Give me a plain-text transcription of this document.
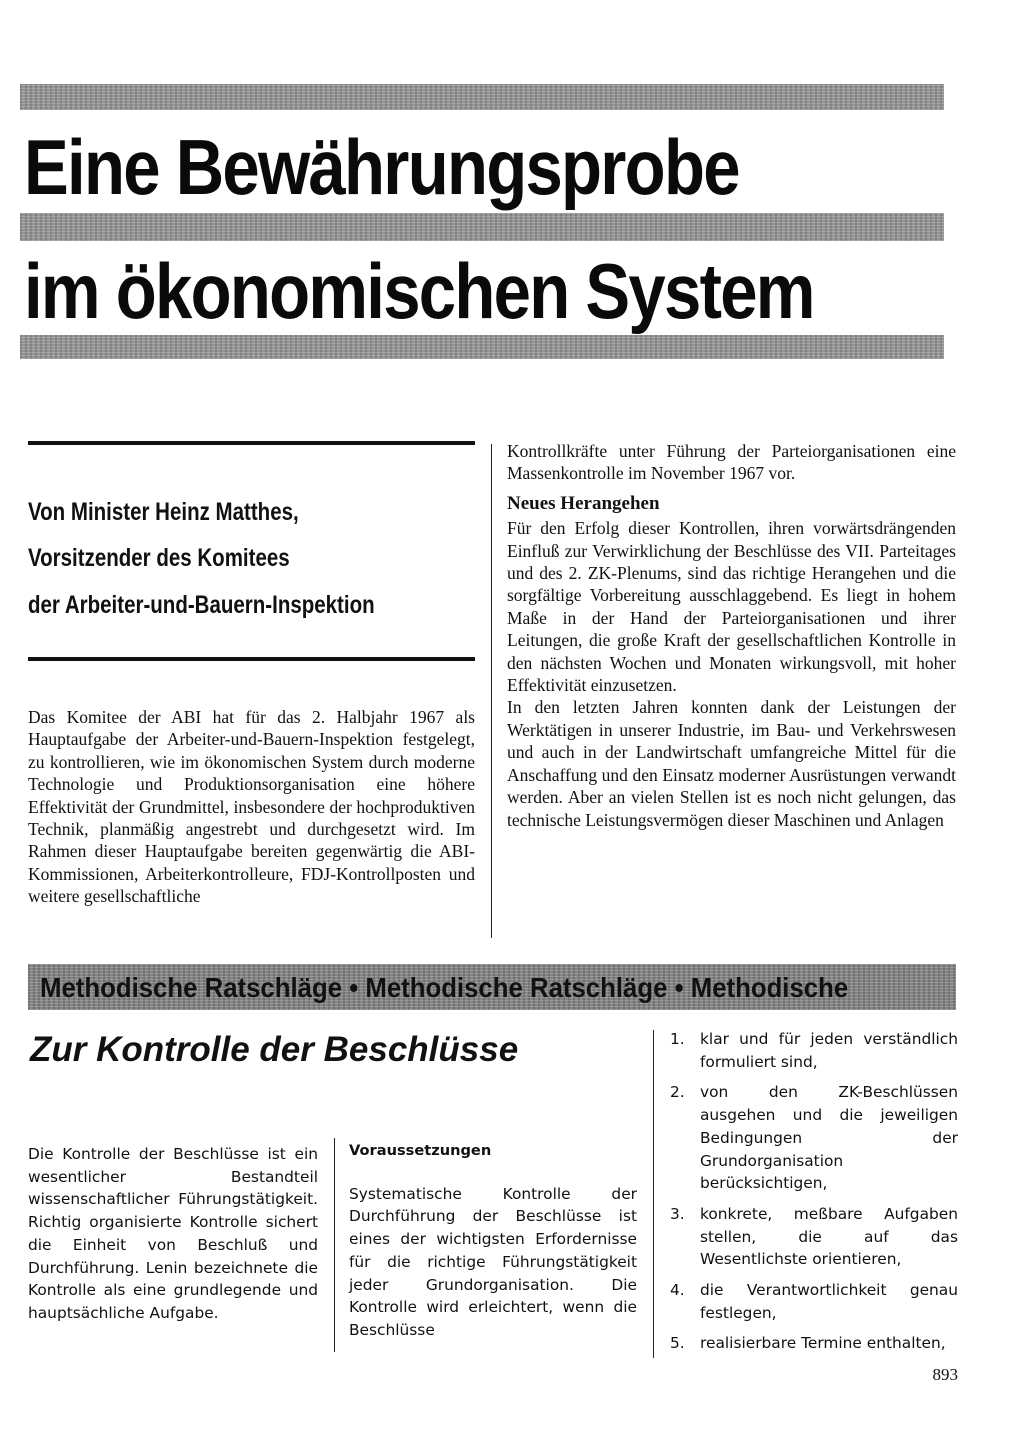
Eine Bewährungsprobe
im ökonomischen System
Von Minister Heinz Matthes,
Vorsitzender des Komitees
der Arbeiter-und-Bauern-Inspektion
Das Komitee der ABI hat für das 2. Halbjahr 1967 als Hauptaufgabe der Arbeiter-und-Bauern-Inspektion festgelegt, zu kontrollieren, wie im ökonomischen System durch moderne Technologie und Produktionsorganisation eine höhere Effektivität der Grundmittel, insbesondere der hochproduktiven Technik, planmäßig angestrebt und durchgesetzt wird. Im Rahmen dieser Hauptaufgabe bereiten gegenwärtig die ABI-Kommissionen, Arbeiterkontrolleure, FDJ-Kontrollposten und weitere gesellschaftliche
Kontrollkräfte unter Führung der Parteiorganisationen eine Massenkontrolle im November 1967 vor.
Neues Herangehen
Für den Erfolg dieser Kontrollen, ihren vorwärtsdrängenden Einfluß zur Verwirklichung der Beschlüsse des VII. Parteitages und des 2. ZK-Plenums, sind das richtige Herangehen und die sorgfältige Vorbereitung ausschlaggebend. Es liegt in hohem Maße in der Hand der Parteiorganisationen und ihrer Leitungen, die große Kraft der gesellschaftlichen Kontrolle in den nächsten Wochen und Monaten wirkungsvoll, mit hoher Effektivität einzusetzen.
In den letzten Jahren konnten dank der Leistungen der Werktätigen in unserer Industrie, im Bau- und Verkehrswesen und auch in der Landwirtschaft umfangreiche Mittel für die Anschaffung und den Einsatz moderner Ausrüstungen verwandt werden. Aber an vielen Stellen ist es noch nicht gelungen, das technische Leistungsvermögen dieser Maschinen und Anlagen
Methodische Ratschläge • Methodische Ratschläge • Methodische
Zur Kontrolle der Beschlüsse
Die Kontrolle der Beschlüsse ist ein wesentlicher Bestandteil wissenschaftlicher Führungstätigkeit. Richtig organisierte Kontrolle sichert die Einheit von Beschluß und Durchführung. Lenin bezeichnete die Kontrolle als eine grundlegende und hauptsächliche Aufgabe.
Voraussetzungen
Systematische Kontrolle der Durchführung der Beschlüsse ist eines der wichtigsten Erfordernisse für die richtige Führungstätigkeit jeder Grundorganisation. Die Kontrolle wird erleichtert, wenn die Beschlüsse
1. klar und für jeden verständlich formuliert sind,
2. von den ZK-Beschlüssen ausgehen und die jeweiligen Bedingungen der Grundorganisation berücksichtigen,
3. konkrete, meßbare Aufgaben stellen, die auf das Wesentlichste orientieren,
4. die Verantwortlichkeit genau festlegen,
5. realisierbare Termine enthalten,
893
